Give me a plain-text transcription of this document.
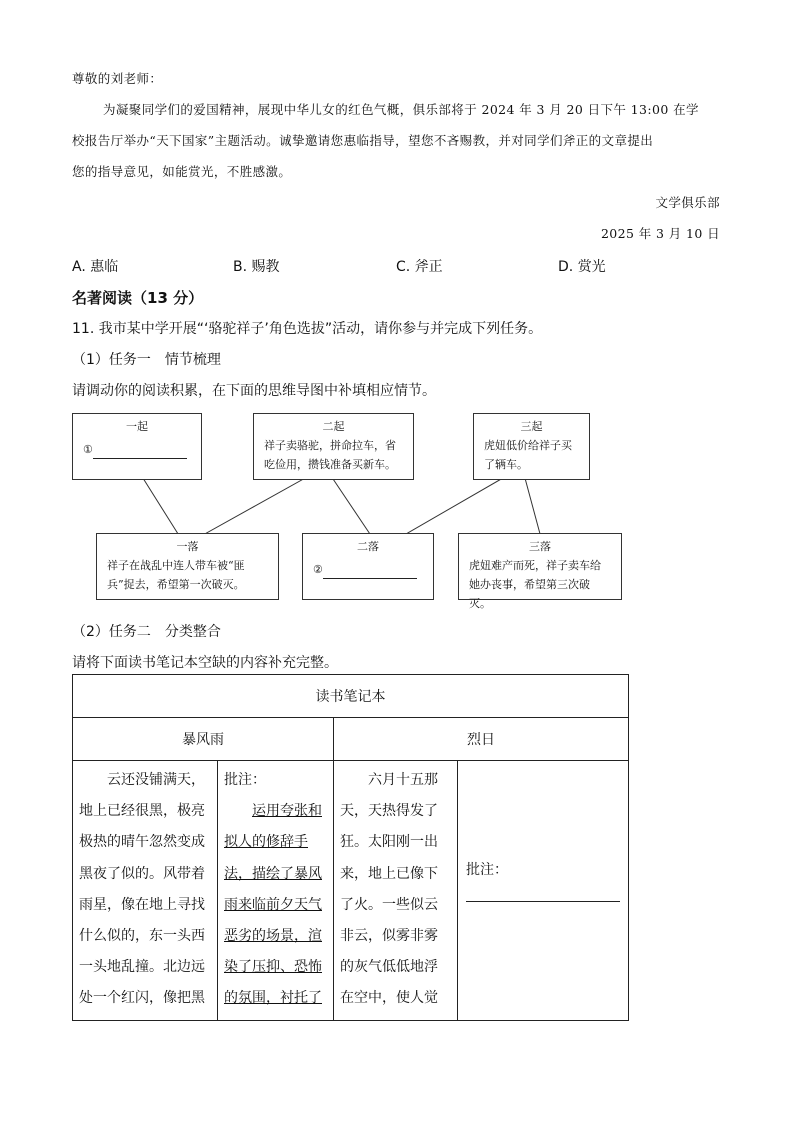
尊敬的刘老师：
为凝聚同学们的爱国精神，展现中华儿女的红色气概，俱乐部将于 2024 年 3 月 20 日下午 13:00 在学
校报告厅举办“天下国家”主题活动。诚挚邀请您惠临指导，望您不吝赐教，并对同学们斧正的文章提出
您的指导意见，如能赏光，不胜感激。
文学俱乐部
2025 年 3 月 10 日
A. 惠临	B. 赐教	C. 斧正	D. 赏光
名著阅读（13 分）
11. 我市某中学开展“‘骆驼祥子’角色选拔”活动，请你参与并完成下列任务。
（1）任务一　情节梳理
请调动你的阅读积累，在下面的思维导图中补填相应情节。
一起
①
二起
祥子卖骆驼，拼命拉车，省吃俭用，攒钱准备买新车。
三起
虎妞低价给祥子买了辆车。
一落
祥子在战乱中连人带车被“匪兵”捉去，希望第一次破灭。
二落
②
三落
虎妞难产而死，祥子卖车给她办丧事，希望第三次破灭。
（2）任务二　分类整合
请将下面读书笔记本空缺的内容补充完整。
读书笔记本			
暴风雨		烈日	

云还没铺满天，地上已经很黑，极亮极热的晴午忽然变成黑夜了似的。风带着雨星，像在地上寻找什么似的，东一头西一头地乱撞。北边远处一个红闪，像把黑	批注：
运用夸张和拟人的修辞手法，描绘了暴风雨来临前夕天气恶劣的场景，渲染了压抑、恐怖的氛围，衬托了	六月十五那天，天热得发了狂。太阳刚一出来，地上已像下了火。一些似云非云，似雾非雾的灰气低低地浮在空中，使人觉	批注：
